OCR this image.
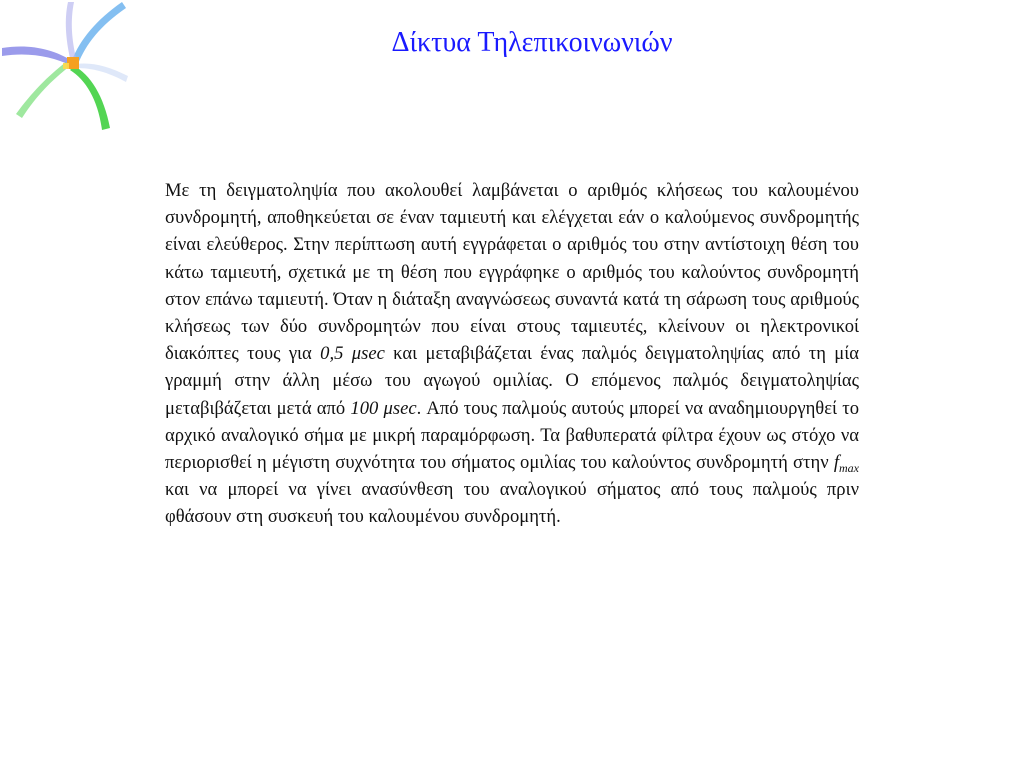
Δίκτυα Τηλεπικοινωνιών
Με τη δειγματοληψία που ακολουθεί λαμβάνεται ο αριθμός κλήσεως του καλουμένου συνδρομητή, αποθηκεύεται σε έναν ταμιευτή και ελέγχεται εάν ο καλούμενος συνδρομητής είναι ελεύθερος. Στην περίπτωση αυτή εγγράφεται ο αριθμός του στην αντίστοιχη θέση του κάτω ταμιευτή, σχετικά με τη θέση που εγγράφηκε ο αριθμός του καλούντος συνδρομητή στον επάνω ταμιευτή. Όταν η διάταξη αναγνώσεως συναντά κατά τη σάρωση τους αριθμούς κλήσεως των δύο συνδρομητών που είναι στους ταμιευτές, κλείνουν οι ηλεκτρονικοί διακόπτες τους για 0,5 μsec και μεταβιβάζεται ένας παλμός δειγματοληψίας από τη μία γραμμή στην άλλη μέσω του αγωγού ομιλίας. Ο επόμενος παλμός δειγματοληψίας μεταβιβάζεται μετά από 100 μsec. Από τους παλμούς αυτούς μπορεί να αναδημιουργηθεί το αρχικό αναλογικό σήμα με μικρή παραμόρφωση. Τα βαθυπερατά φίλτρα έχουν ως στόχο να περιορισθεί η μέγιστη συχνότητα του σήματος ομιλίας του καλούντος συνδρομητή στην $f_{max}$ και να μπορεί να γίνει ανασύνθεση του αναλογικού σήματος από τους παλμούς πριν φθάσουν στη συσκευή του καλουμένου συνδρομητή.
